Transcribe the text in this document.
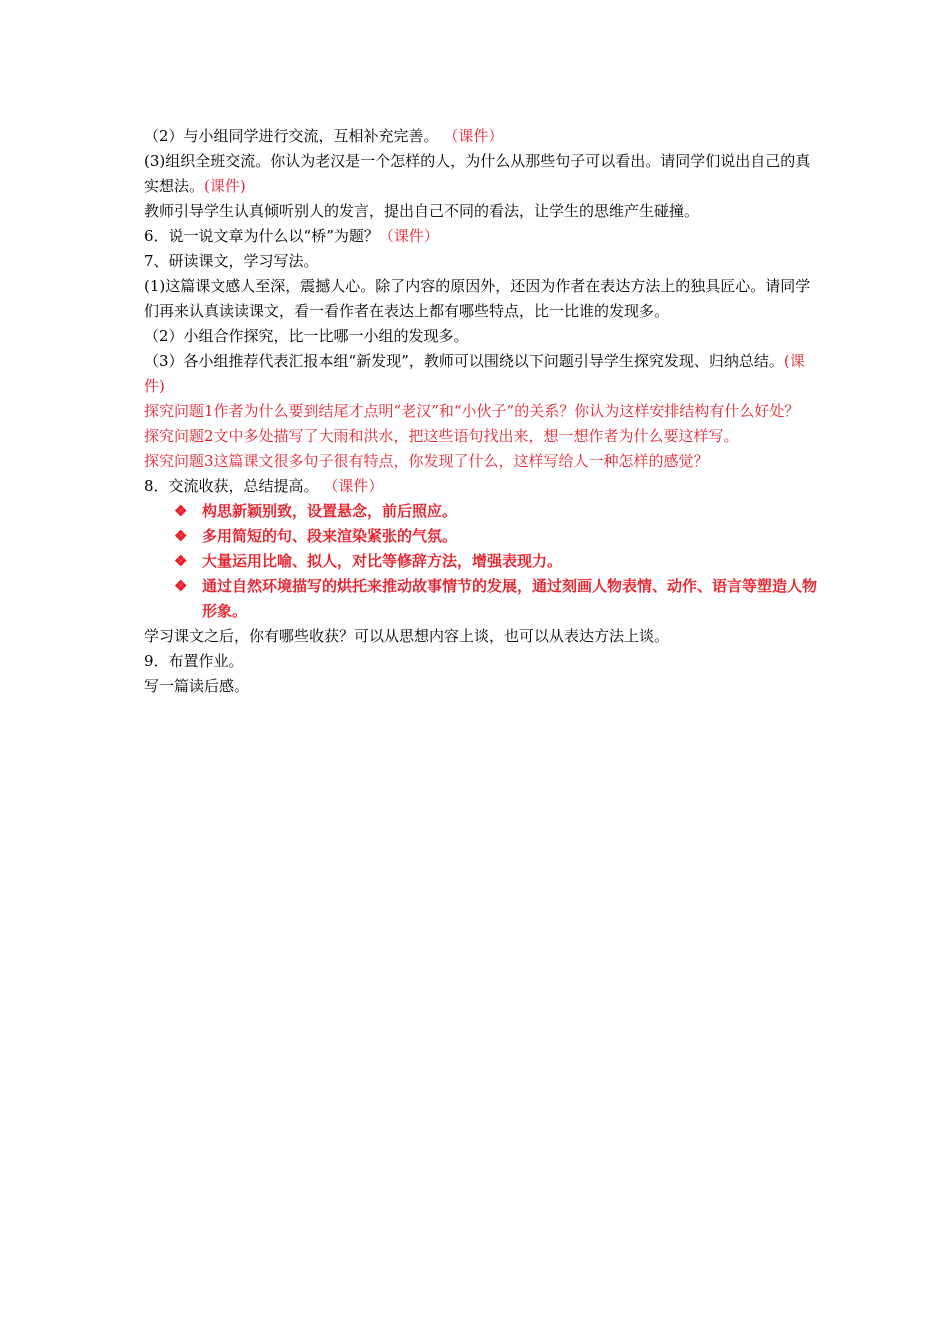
（2）与小组同学进行交流，互相补充完善。 （课件）
(3)组织全班交流。你认为老汉是一个怎样的人，为什么从那些句子可以看出。请同学们说出自己的真实想法。(课件)
教师引导学生认真倾听别人的发言，提出自己不同的看法，让学生的思维产生碰撞。
6．说一说文章为什么以“桥”为题？（课件）
7、研读课文，学习写法。
(1)这篇课文感人至深，震撼人心。除了内容的原因外，还因为作者在表达方法上的独具匠心。请同学们再来认真读读课文，看一看作者在表达上都有哪些特点，比一比谁的发现多。
（2）小组合作探究，比一比哪一小组的发现多。
（3）各小组推荐代表汇报本组“新发现”，教师可以围绕以下问题引导学生探究发现、归纳总结。(课件)
探究问题1作者为什么要到结尾才点明“老汉”和“小伙子”的关系？你认为这样安排结构有什么好处？
探究问题2文中多处描写了大雨和洪水，把这些语句找出来，想一想作者为什么要这样写。
探究问题3这篇课文很多句子很有特点，你发现了什么，这样写给人一种怎样的感觉？
8．交流收获，总结提高。 （课件）
❖ 构思新颖别致，设置悬念，前后照应。
❖ 多用简短的句、段来渲染紧张的气氛。
❖ 大量运用比喻、拟人，对比等修辞方法，增强表现力。
❖ 通过自然环境描写的烘托来推动故事情节的发展，通过刻画人物表情、动作、语言等塑造人物形象。
学习课文之后，你有哪些收获？可以从思想内容上谈，也可以从表达方法上谈。
9．布置作业。
写一篇读后感。
